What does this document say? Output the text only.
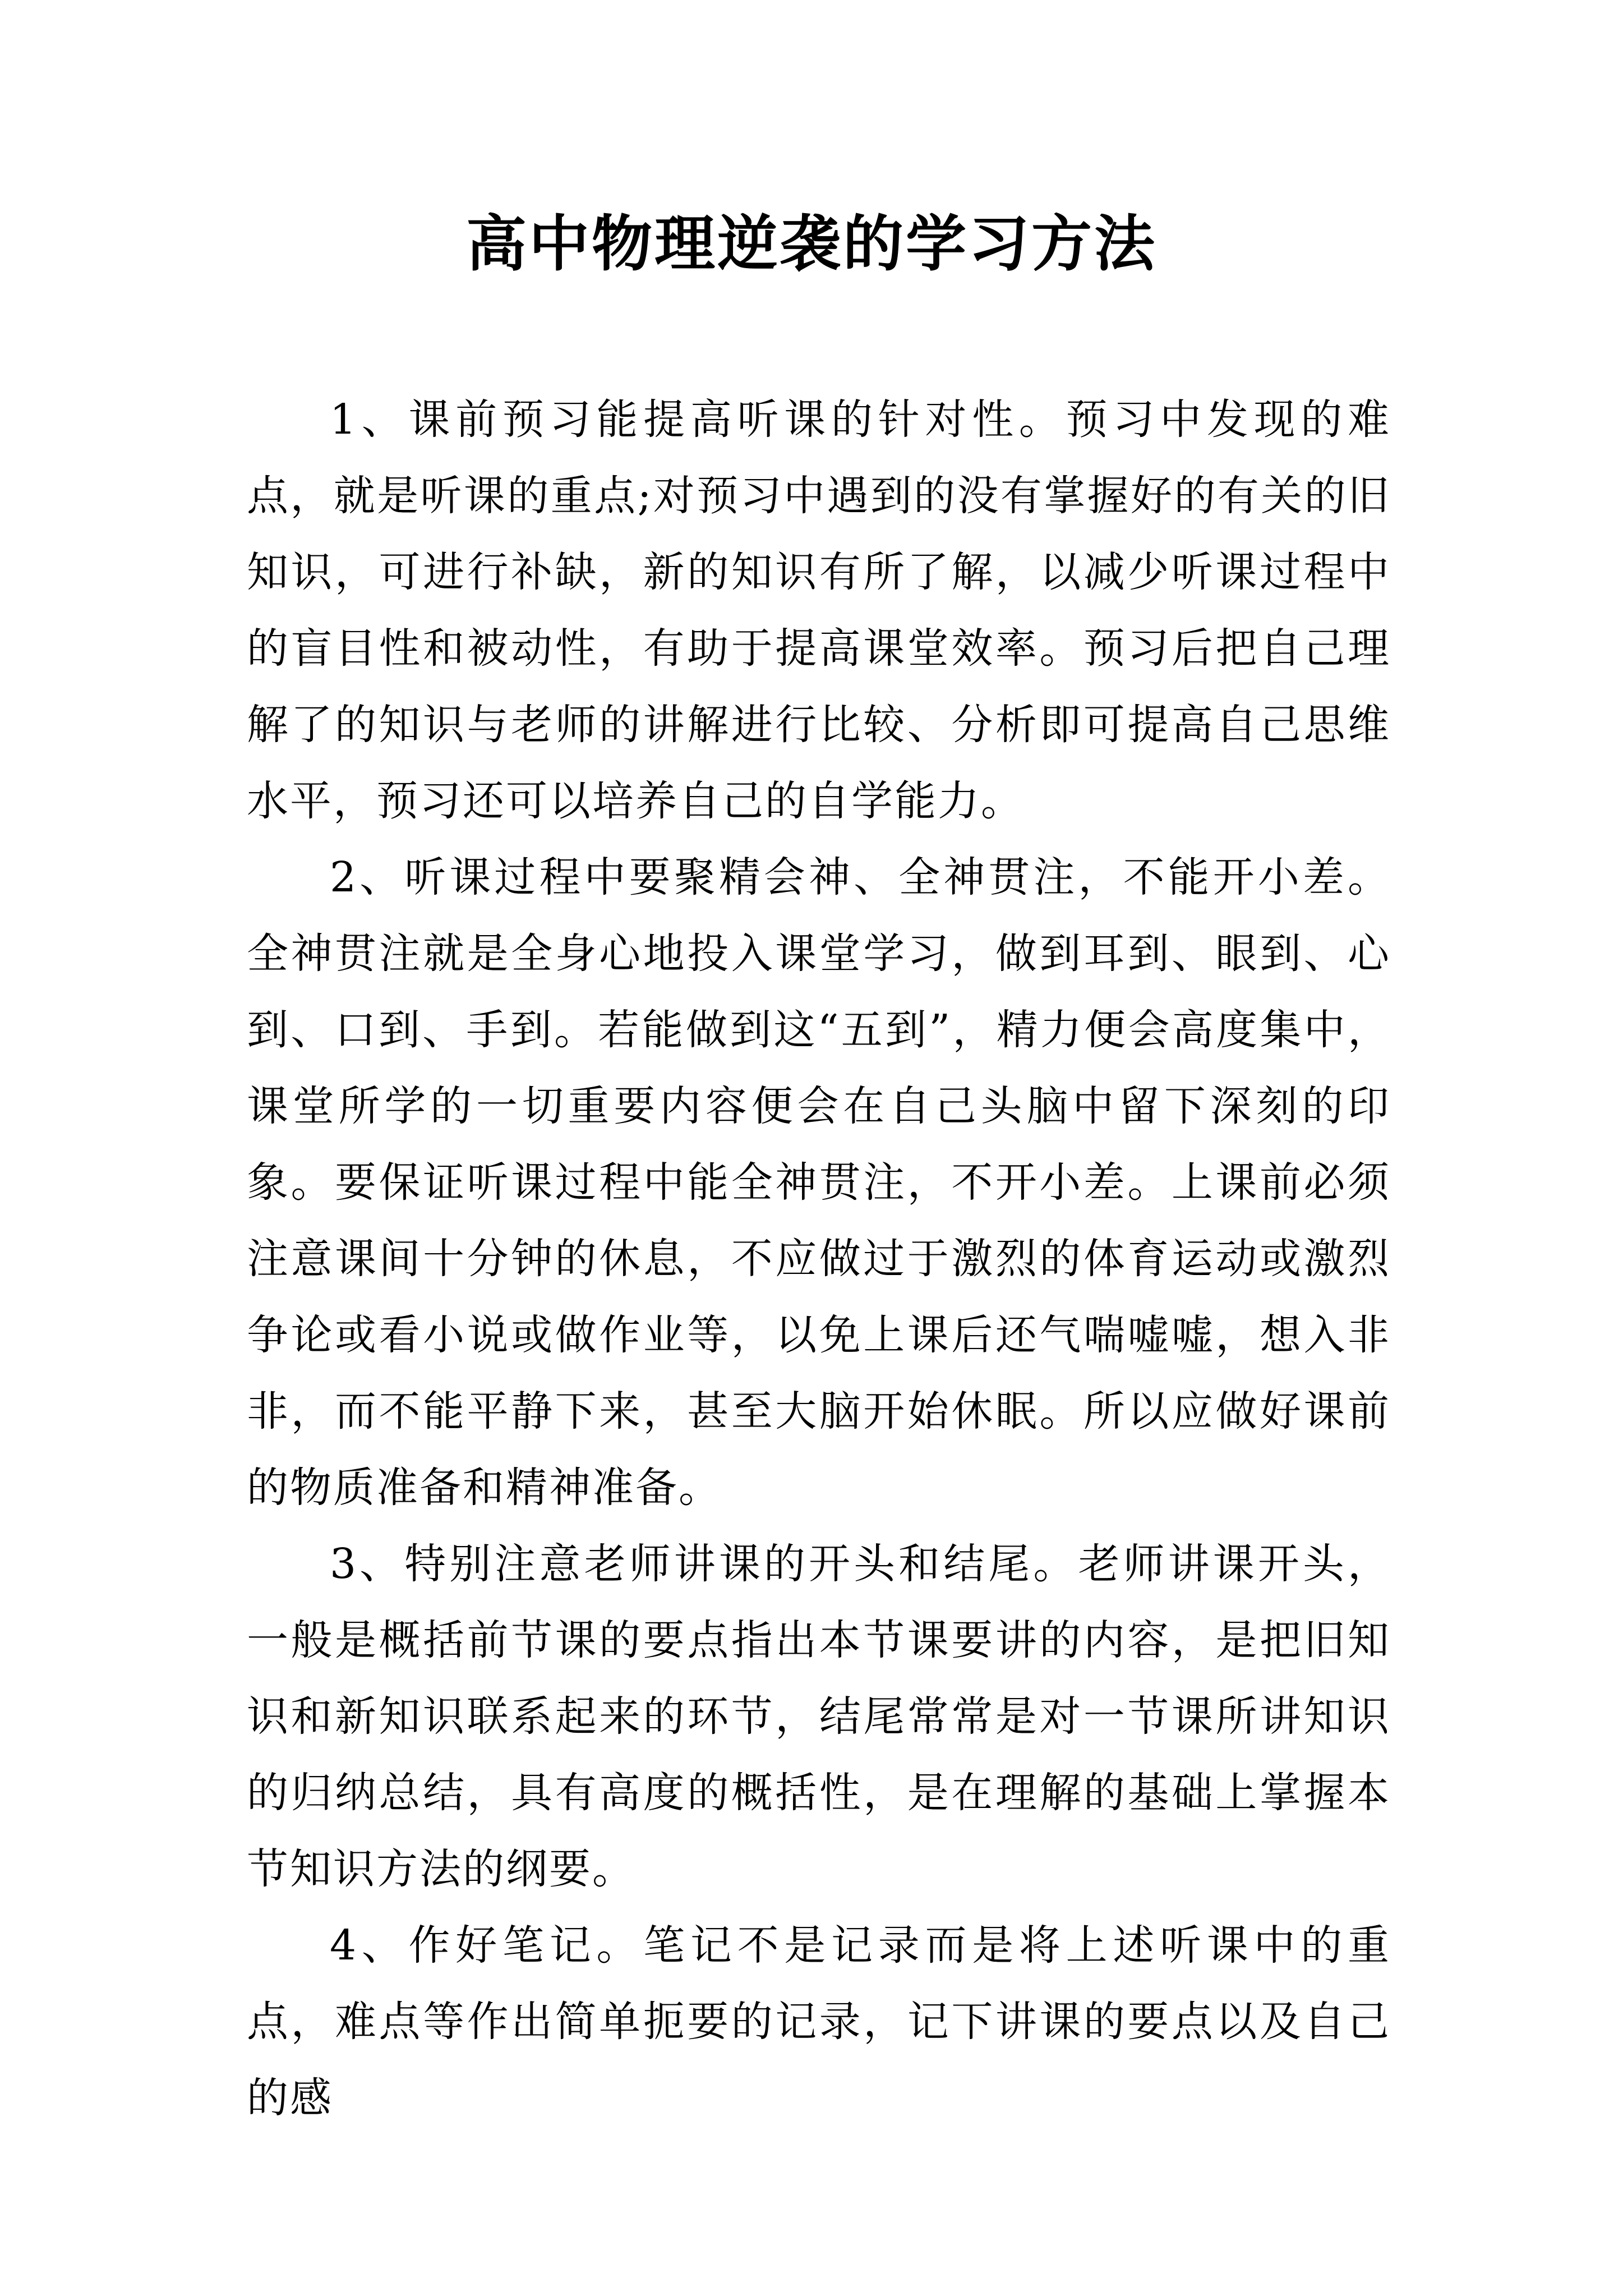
高中物理逆袭的学习方法

1、课前预习能提高听课的针对性。预习中发现的难点，就是听课的重点;对预习中遇到的没有掌握好的有关的旧知识，可进行补缺，新的知识有所了解，以减少听课过程中的盲目性和被动性，有助于提高课堂效率。预习后把自己理解了的知识与老师的讲解进行比较、分析即可提高自己思维水平，预习还可以培养自己的自学能力。

2、听课过程中要聚精会神、全神贯注，不能开小差。全神贯注就是全身心地投入课堂学习，做到耳到、眼到、心到、口到、手到。若能做到这“五到”，精力便会高度集中，课堂所学的一切重要内容便会在自己头脑中留下深刻的印象。要保证听课过程中能全神贯注，不开小差。上课前必须注意课间十分钟的休息，不应做过于激烈的体育运动或激烈争论或看小说或做作业等，以免上课后还气喘嘘嘘，想入非非，而不能平静下来，甚至大脑开始休眠。所以应做好课前的物质准备和精神准备。

3、特别注意老师讲课的开头和结尾。老师讲课开头，一般是概括前节课的要点指出本节课要讲的内容，是把旧知识和新知识联系起来的环节，结尾常常是对一节课所讲知识的归纳总结，具有高度的概括性，是在理解的基础上掌握本节知识方法的纲要。

4、作好笔记。笔记不是记录而是将上述听课中的重点，难点等作出简单扼要的记录，记下讲课的要点以及自己的感
